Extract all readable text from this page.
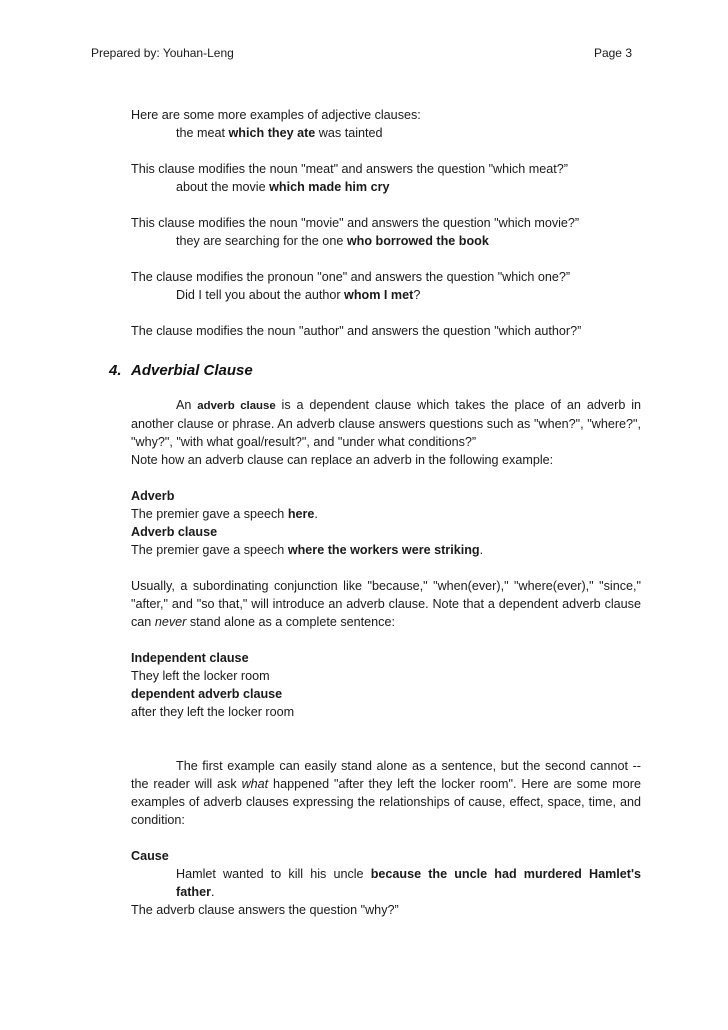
Prepared by: Youhan-Leng	Page 3

Here are some more examples of adjective clauses:

the meat which they ate was tainted

This clause modifies the noun "meat" and answers the question "which meat?”

about the movie which made him cry

This clause modifies the noun "movie" and answers the question "which movie?”

they are searching for the one who borrowed the book

The clause modifies the pronoun "one" and answers the question "which one?”

Did I tell you about the author whom I met?

The clause modifies the noun "author" and answers the question "which author?”

4. Adverbial Clause

An adverb clause is a dependent clause which takes the place of an adverb in another clause or phrase. An adverb clause answers questions such as "when?", "where?", "why?", "with what goal/result?", and "under what conditions?”

Note how an adverb clause can replace an adverb in the following example:

Adverb

The premier gave a speech here.

Adverb clause

The premier gave a speech where the workers were striking.

Usually, a subordinating conjunction like "because," "when(ever)," "where(ever)," "since," "after," and "so that," will introduce an adverb clause. Note that a dependent adverb clause can never stand alone as a complete sentence:

Independent clause

They left the locker room

dependent adverb clause

after they left the locker room

The first example can easily stand alone as a sentence, but the second cannot -- the reader will ask what happened "after they left the locker room". Here are some more examples of adverb clauses expressing the relationships of cause, effect, space, time, and condition:

Cause

Hamlet wanted to kill his uncle because the uncle had murdered Hamlet's father.

The adverb clause answers the question "why?”
